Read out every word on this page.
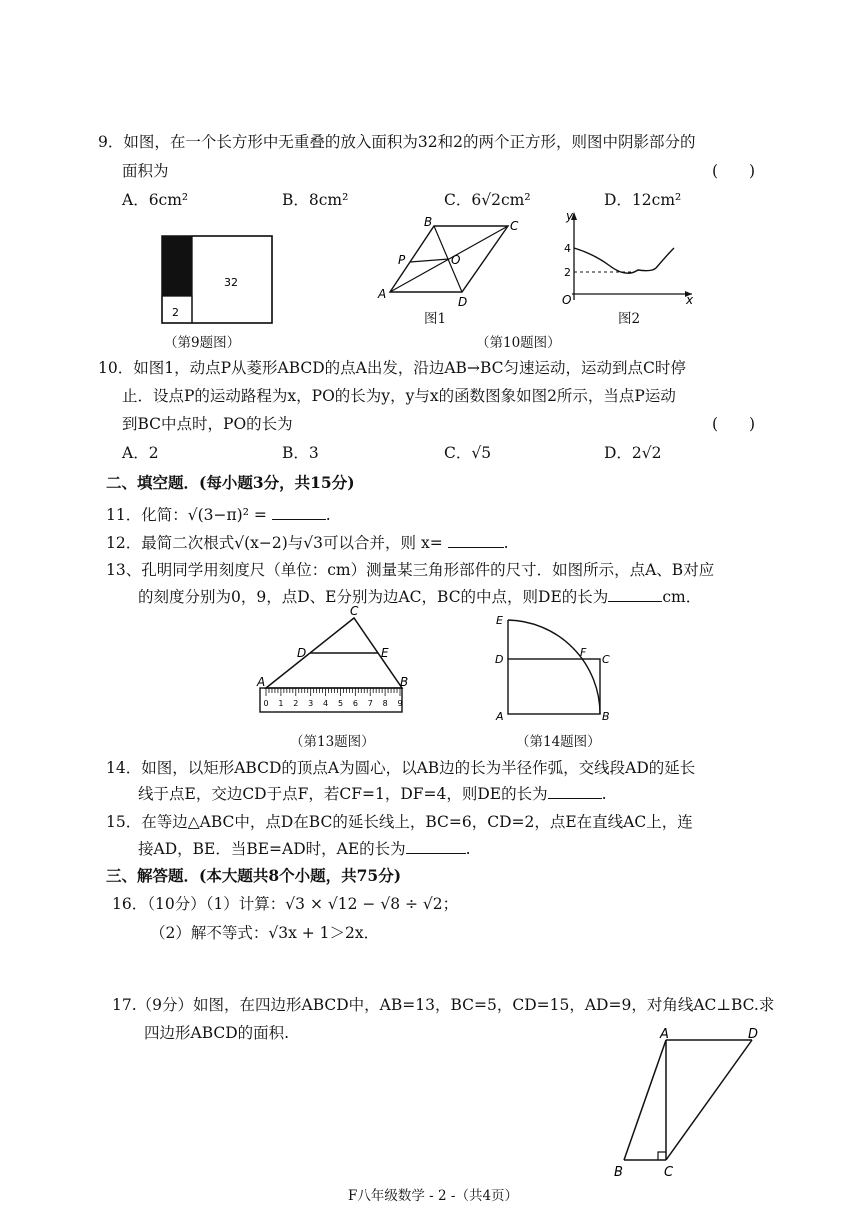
9．如图，在一个长方形中无重叠的放入面积为32和2的两个正方形，则图中阴影部分的
面积为	(　　)
A．6cm²	B．8cm²	C．6√2cm²	D．12cm²
32
2
（第9题图）
A
B	C
D
O
P
图1
y
x
O
4
2
图2
（第10题图）
10．如图1，动点P从菱形ABCD的点A出发，沿边AB→BC匀速运动，运动到点C时停
止．设点P的运动路程为x，PO的长为y，y与x的函数图象如图2所示，当点P运动
到BC中点时，PO的长为	(　　)
A．2	B．3	C．√5	D．2√2
二、填空题．(每小题3分，共15分)
11．化简：√(3−π)² =	.
12．最简二次根式√(x−2)与√3可以合并，则 x=	.
13、孔明同学用刻度尺（单位：cm）测量某三角形部件的尺寸．如图所示，点A、B对应
的刻度分别为0，9，点D、E分别为边AC，BC的中点，则DE的长为	cm．
0 1 2 3 4 5 6 7 8 9
A	B
C
D	E
（第13题图）
E
D
F
C
A	B
（第14题图）
14．如图，以矩形ABCD的顶点A为圆心，以AB边的长为半径作弧，交线段AD的延长
线于点E，交边CD于点F，若CF=1，DF=4，则DE的长为	.
15．在等边△ABC中，点D在BC的延长线上，BC=6，CD=2，点E在直线AC上，连
接AD，BE．当BE=AD时，AE的长为	.
三、解答题．(本大题共8个小题，共75分)
16．（10分）（1）计算：√3 × √12 − √8 ÷ √2；
（2）解不等式：√3x + 1＞2x．
17.（9分）如图，在四边形ABCD中，AB=13，BC=5，CD=15，AD=9，对角线AC⊥BC.求
四边形ABCD的面积.	A	D
B	C
F八年级数学 - 2 -（共4页）
